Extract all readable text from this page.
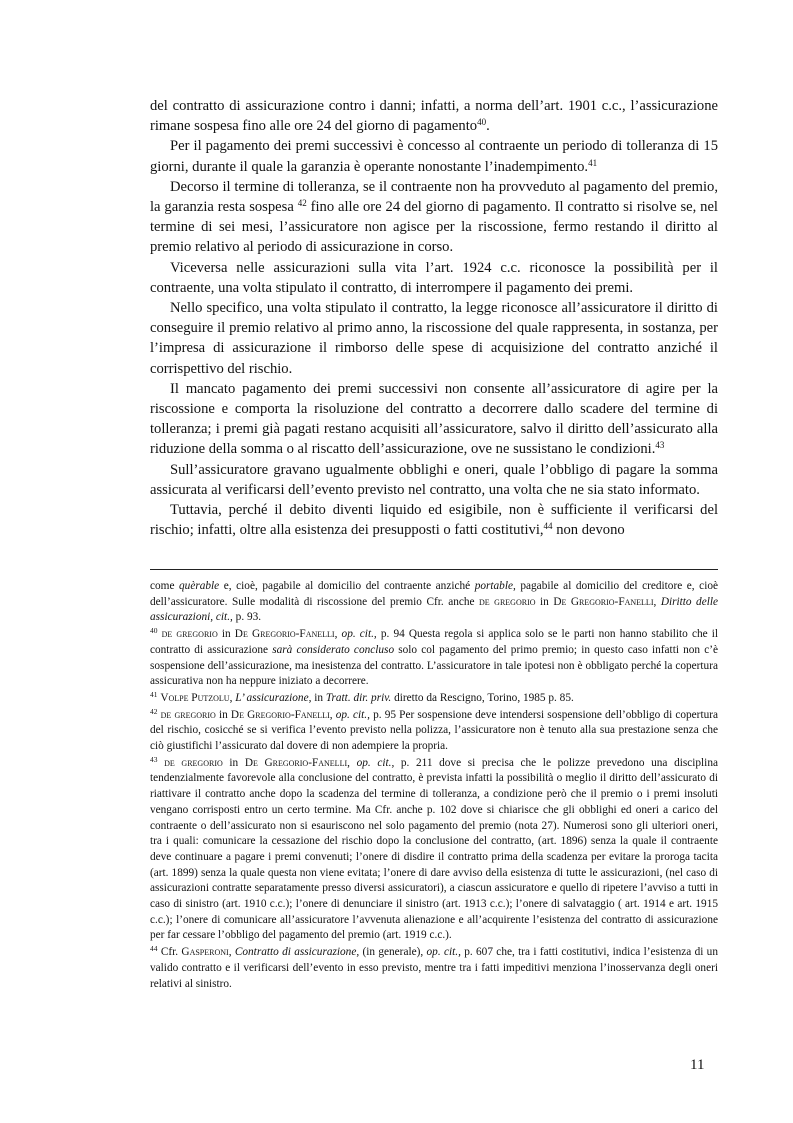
del contratto di assicurazione contro i danni; infatti, a norma dell’art. 1901 c.c., l’assicurazione rimane sospesa fino alle ore 24 del giorno di pagamento$^{40}$.

Per il pagamento dei premi successivi è concesso al contraente un periodo di tolleranza di 15 giorni, durante il quale la garanzia è operante nonostante l’inadempimento.$^{41}$

Decorso il termine di tolleranza, se il contraente non ha provveduto al pagamento del premio, la garanzia resta sospesa $^{42}$ fino alle ore 24 del giorno di pagamento. Il contratto si risolve se, nel termine di sei mesi, l’assicuratore non agisce per la riscossione, fermo restando il diritto al premio relativo al periodo di assicurazione in corso.

Viceversa nelle assicurazioni sulla vita l’art. 1924 c.c. riconosce la possibilità per il contraente, una volta stipulato il contratto, di interrompere il pagamento dei premi.

Nello specifico, una volta stipulato il contratto, la legge riconosce all’assicuratore il diritto di conseguire il premio relativo al primo anno, la riscossione del quale rappresenta, in sostanza, per l’impresa di assicurazione il rimborso delle spese di acquisizione del contratto anziché il corrispettivo del rischio.

Il mancato pagamento dei premi successivi non consente all’assicuratore di agire per la riscossione e comporta la risoluzione del contratto a decorrere dallo scadere del termine di tolleranza; i premi già pagati restano acquisiti all’assicuratore, salvo il diritto dell’assicurato alla riduzione della somma o al riscatto dell’assicurazione, ove ne sussistano le condizioni.$^{43}$

Sull’assicuratore gravano ugualmente obblighi e oneri, quale l’obbligo di pagare la somma assicurata al verificarsi dell’evento previsto nel contratto, una volta che ne sia stato informato.

Tuttavia, perché il debito diventi liquido ed esigibile, non è sufficiente il verificarsi del rischio; infatti, oltre alla esistenza dei presupposti o fatti costitutivi,$^{44}$ non devono

come quèrable e, cioè, pagabile al domicilio del contraente anziché portable, pagabile al domicilio del creditore e, cioè dell’assicuratore. Sulle modalità di riscossione del premio Cfr. anche de gregorio in De Gregorio-Fanelli, Diritto delle assicurazioni, cit., p. 93.

$^{40}$ de gregorio in De Gregorio-Fanelli, op. cit., p. 94 Questa regola si applica solo se le parti non hanno stabilito che il contratto di assicurazione sarà considerato concluso solo col pagamento del primo premio; in questo caso infatti non c’è sospensione dell’assicurazione, ma inesistenza del contratto. L’assicuratore in tale ipotesi non è obbligato perché la copertura assicurativa non ha neppure iniziato a decorrere.

$^{41}$ Volpe Putzolu, L’ assicurazione, in Tratt. dir. priv. diretto da Rescigno, Torino, 1985 p. 85.

$^{42}$ de gregorio in De Gregorio-Fanelli, op. cit., p. 95 Per sospensione deve intendersi sospensione dell’obbligo di copertura del rischio, cosicché se si verifica l’evento previsto nella polizza, l’assicuratore non è tenuto alla sua prestazione senza che ciò giustifichi l’assicurato dal dovere di non adempiere la propria.

$^{43}$ de gregorio in De Gregorio-Fanelli, op. cit., p. 211 dove si precisa che le polizze prevedono una disciplina tendenzialmente favorevole alla conclusione del contratto, è prevista infatti la possibilità o meglio il diritto dell’assicurato di riattivare il contratto anche dopo la scadenza del termine di tolleranza, a condizione però che il premio o i premi insoluti vengano corrisposti entro un certo termine. Ma Cfr. anche p. 102 dove si chiarisce che gli obblighi ed oneri a carico del contraente o dell’assicurato non si esauriscono nel solo pagamento del premio (nota 27). Numerosi sono gli ulteriori oneri, tra i quali: comunicare la cessazione del rischio dopo la conclusione del contratto, (art. 1896) senza la quale il contraente deve continuare a pagare i premi convenuti; l’onere di disdire il contratto prima della scadenza per evitare la proroga tacita (art. 1899) senza la quale questa non viene evitata; l’onere di dare avviso della esistenza di tutte le assicurazioni, (nel caso di assicurazioni contratte separatamente presso diversi assicuratori), a ciascun assicuratore e quello di ripetere l’avviso a tutti in caso di sinistro (art. 1910 c.c.); l’onere di denunciare il sinistro (art. 1913 c.c.); l’onere di salvataggio ( art. 1914 e art. 1915 c.c.); l’onere di comunicare all’assicuratore l’avvenuta alienazione e all’acquirente l’esistenza del contratto di assicurazione per far cessare l’obbligo del pagamento del premio (art. 1919 c.c.).

$^{44}$ Cfr. Gasperoni, Contratto di assicurazione, (in generale), op. cit., p. 607 che, tra i fatti costitutivi, indica l’esistenza di un valido contratto e il verificarsi dell’evento in esso previsto, mentre tra i fatti impeditivi menziona l’inosservanza degli oneri relativi al sinistro.

11
